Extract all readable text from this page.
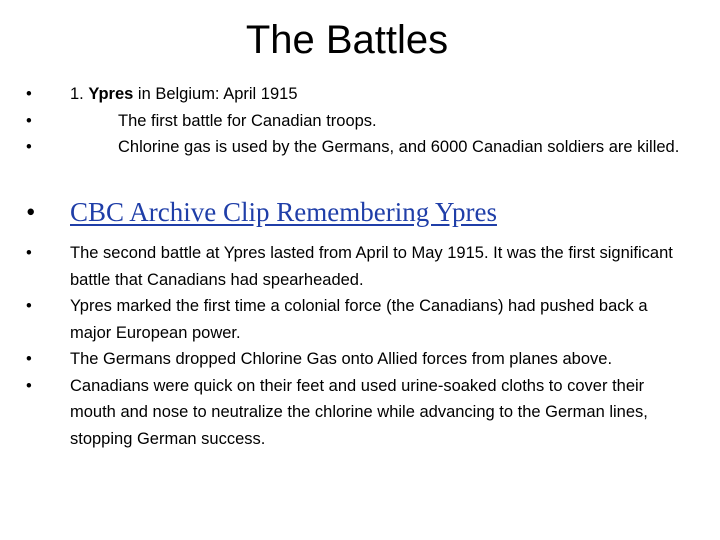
The Battles
•	1. Ypres in Belgium: April 1915
•	The first battle for Canadian troops.
•	Chlorine gas is used by the Germans, and 6000 Canadian soldiers are killed.
•	CBC Archive Clip Remembering Ypres
•	The second battle at Ypres lasted from April to May 1915. It was the first significant battle that Canadians had spearheaded.
•	Ypres marked the first time a colonial force (the Canadians) had pushed back a major European power.
•	The Germans dropped Chlorine Gas onto Allied forces from planes above.
•	Canadians were quick on their feet and used urine-soaked cloths to cover their mouth and nose to neutralize the chlorine while advancing to the German lines, stopping German success.
